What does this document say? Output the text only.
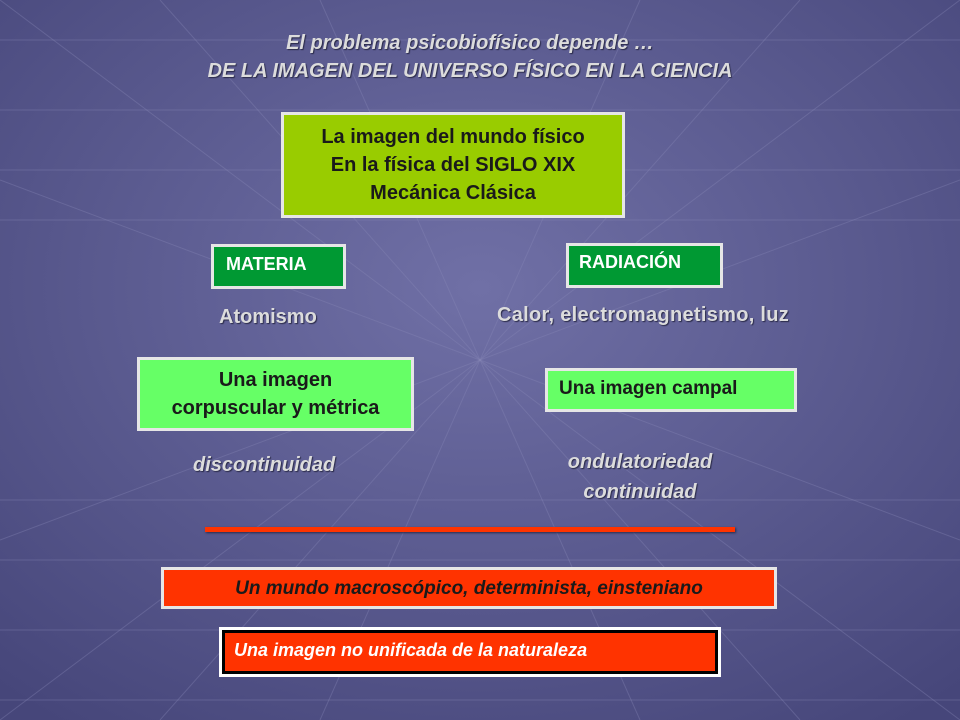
El problema psicobiofísico depende …
DE LA IMAGEN DEL UNIVERSO FÍSICO EN LA CIENCIA
La imagen del mundo físico
En la física del SIGLO XIX
Mecánica Clásica
MATERIA
Atomismo
RADIACIÓN
Calor, electromagnetismo, luz
Una imagen
corpuscular y métrica
Una imagen campal
discontinuidad	ondulatoriedad
continuidad
Un mundo macroscópico, determinista, einsteniano
Una imagen no unificada de la naturaleza
